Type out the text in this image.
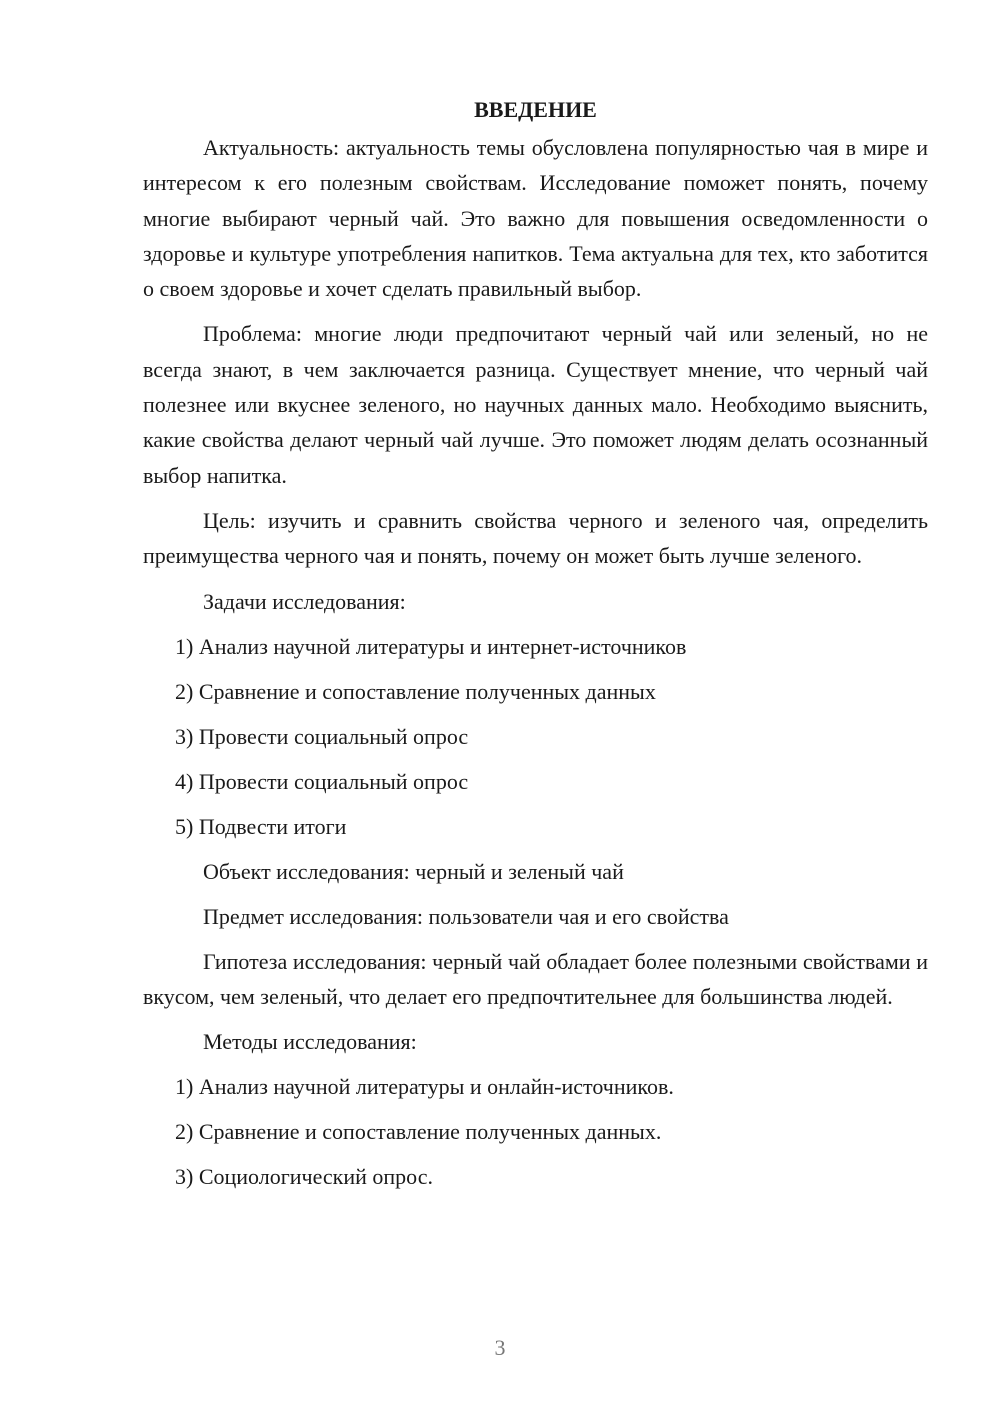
ВВЕДЕНИЕ

Актуальность: актуальность темы обусловлена популярностью чая в мире и интересом к его полезным свойствам. Исследование поможет понять, почему многие выбирают черный чай. Это важно для повышения осведомленности о здоровье и культуре употребления напитков. Тема актуальна для тех, кто заботится о своем здоровье и хочет сделать правильный выбор.

Проблема: многие люди предпочитают черный чай или зеленый, но не всегда знают, в чем заключается разница. Существует мнение, что черный чай полезнее или вкуснее зеленого, но научных данных мало. Необходимо выяснить, какие свойства делают черный чай лучше. Это поможет людям делать осознанный выбор напитка.

Цель: изучить и сравнить свойства черного и зеленого чая, определить преимущества черного чая и понять, почему он может быть лучше зеленого.

Задачи исследования:
1) Анализ научной литературы и интернет-источников
2) Сравнение и сопоставление полученных данных
3) Провести социальный опрос
4) Провести социальный опрос
5) Подвести итоги
Объект исследования: черный и зеленый чай
Предмет исследования: пользователи чая и его свойства

Гипотеза исследования: черный чай обладает более полезными свойствами и вкусом, чем зеленый, что делает его предпочтительнее для большинства людей.

Методы исследования:
1) Анализ научной литературы и онлайн-источников.
2) Сравнение и сопоставление полученных данных.
3) Социологический опрос.
3
